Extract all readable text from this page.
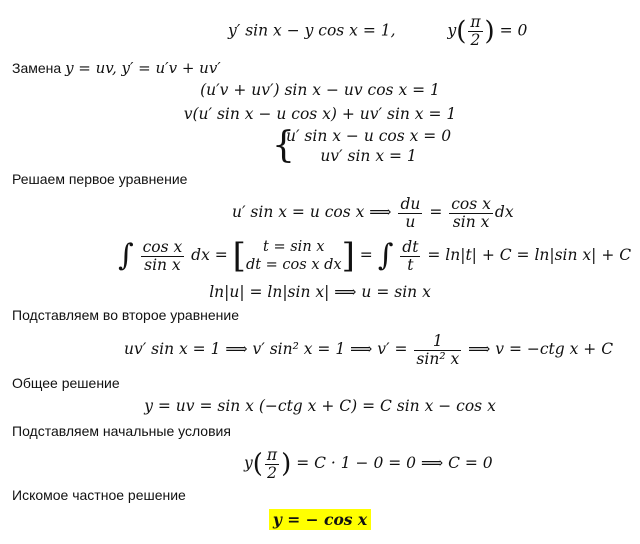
y′ sin x − y cos x = 1,	$y( \frac{\pi}{2}$ ) = 0
Замена y = uv, y′ = u′v + uv′
(u′v + uv′) sin x − uv cos x = 1
v(u′ sin x − u cos x) + uv′ sin x = 1
{
u′ sin x − u cos x = 0
uv′ sin x = 1
Решаем первое уравнение
u′ sin x = u cos x ⟹ $\frac{du}{u} = \frac{\text{cos x}}{\text{sin x}}$ dx
∫ $\frac{\text{cos x}}{\text{sin x}}$ dx = [	t = sin x
dt = cos x dx ] = ∫ $\frac{dt}{t} = \ln|t| + C = \ln|\sin$ x| + C
ln|u| = ln|sin x| ⟹ u = sin x
Подставляем во второе уравнение
uv′ sin x = 1 ⟹ v′ sin² x = 1 ⟹ $v' = \frac{1}{\text{sin² x}}$ ⟹ v = −ctg x + C
Общее решение
y = uv = sin x (−ctg x + C) = C sin x − cos x
Подставляем начальные условия
$y( \frac{\pi}{2}$ ) = C · 1 − 0 = 0 ⟹ C = 0
Искомое частное решение
y = − cos x
